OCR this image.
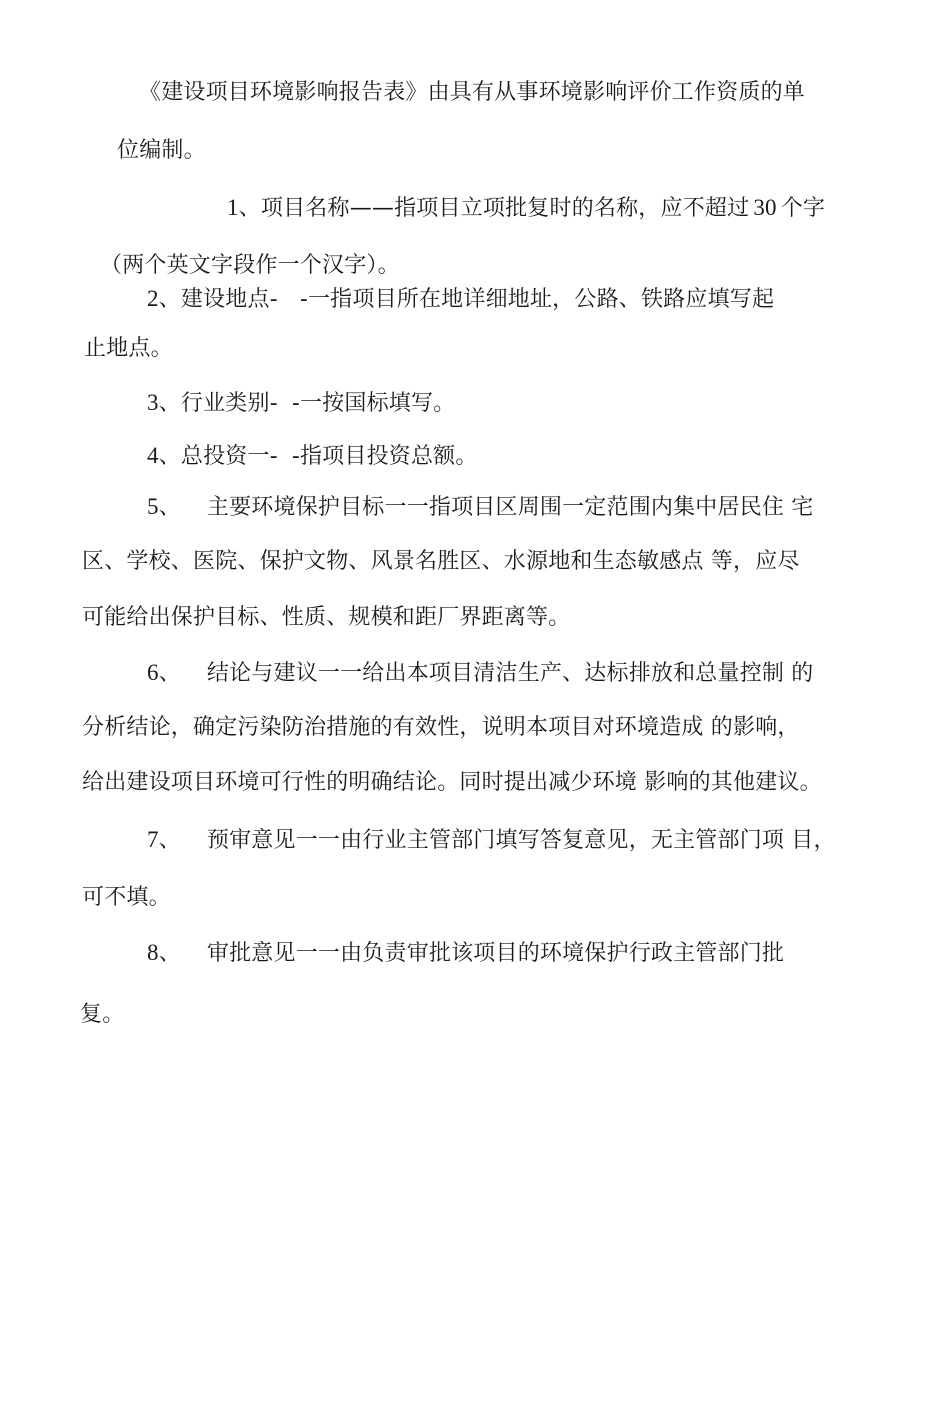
《建设项目环境影响报告表》由具有从事环境影响评价工作资质的单
位编制。
1、项目名称——指项目立项批复时的名称，应不超过 30 个字
（两个英文字段作一个汉字）。
2、建设地点- -一指项目所在地详细地址，公路、铁路应填写起
止地点。
3、行业类别- -一按国标填写。
4、总投资一- -指项目投资总额。
5、 主要环境保护目标一一指项目区周围一定范围内集中居民住 宅
区、学校、医院、保护文物、风景名胜区、水源地和生态敏感点 等，应尽
可能给出保护目标、性质、规模和距厂界距离等。
6、 结论与建议一一给出本项目清洁生产、达标排放和总量控制 的
分析结论，确定污染防治措施的有效性，说明本项目对环境造成 的影响，
给出建设项目环境可行性的明确结论。同时提出减少环境 影响的其他建议。
7、 预审意见一一由行业主管部门填写答复意见，无主管部门项 目，
可不填。
8、 审批意见一一由负责审批该项目的环境保护行政主管部门批
复。
